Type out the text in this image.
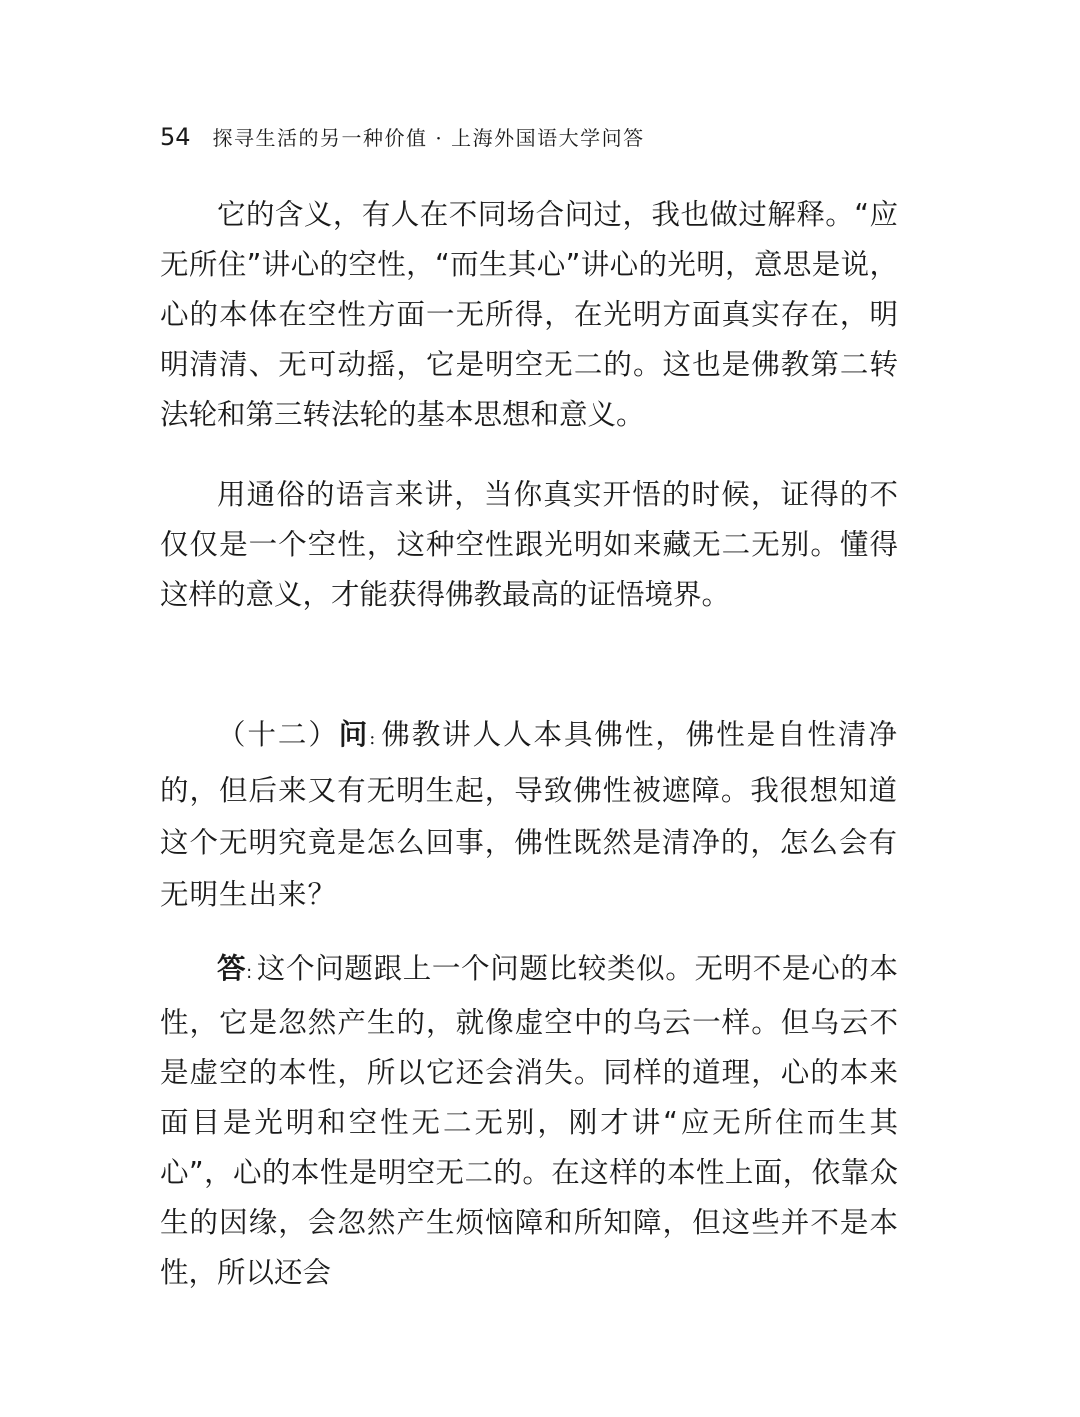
54 探寻生活的另一种价值 · 上海外国语大学问答

它的含义，有人在不同场合问过，我也做过解释。“应无所住”讲心的空性，“而生其心”讲心的光明，意思是说，心的本体在空性方面一无所得，在光明方面真实存在，明明清清、无可动摇，它是明空无二的。这也是佛教第二转法轮和第三转法轮的基本思想和意义。

用通俗的语言来讲，当你真实开悟的时候，证得的不仅仅是一个空性，这种空性跟光明如来藏无二无别。懂得这样的意义，才能获得佛教最高的证悟境界。

（十二）问: 佛教讲人人本具佛性，佛性是自性清净的，但后来又有无明生起，导致佛性被遮障。我很想知道这个无明究竟是怎么回事，佛性既然是清净的，怎么会有无明生出来？

答: 这个问题跟上一个问题比较类似。无明不是心的本性，它是忽然产生的，就像虚空中的乌云一样。但乌云不是虚空的本性，所以它还会消失。同样的道理，心的本来面目是光明和空性无二无别，刚才讲“应无所住而生其心”，心的本性是明空无二的。在这样的本性上面，依靠众生的因缘，会忽然产生烦恼障和所知障，但这些并不是本性，所以还会
